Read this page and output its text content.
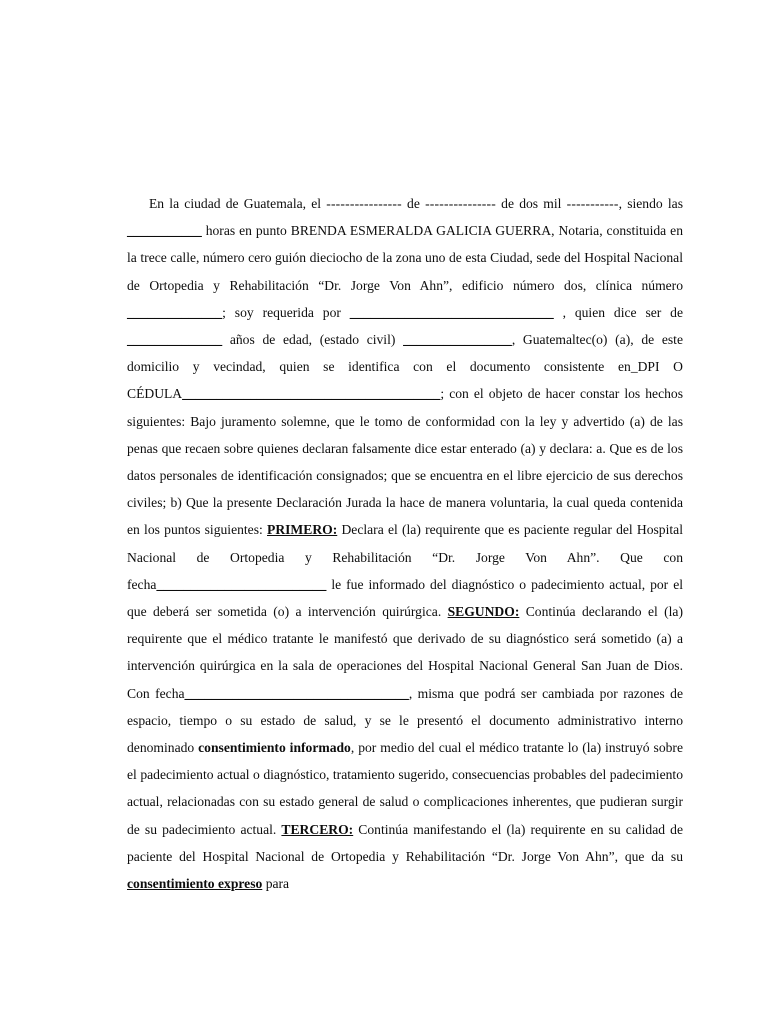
En la ciudad de Guatemala, el ---------------- de --------------- de dos mil -----------, siendo las ___________ horas en punto BRENDA ESMERALDA GALICIA GUERRA, Notaria, constituida en la trece calle, número cero guión dieciocho de la zona uno de esta Ciudad, sede del Hospital Nacional de Ortopedia y Rehabilitación “Dr. Jorge Von Ahn”, edificio número dos, clínica número ______________; soy requerida por ______________________________ , quien dice ser de ______________ años de edad, (estado civil) ________________, Guatemaltec(o) (a), de este domicilio y vecindad, quien se identifica con el documento consistente en_DPI O CÉDULA______________________________________; con el objeto de hacer constar los hechos siguientes: Bajo juramento solemne, que le tomo de conformidad con la ley y advertido (a) de las penas que recaen sobre quienes declaran falsamente dice estar enterado (a) y declara: a. Que es de los datos personales de identificación consignados; que se encuentra en el libre ejercicio de sus derechos civiles; b) Que la presente Declaración Jurada la hace de manera voluntaria, la cual queda contenida en los puntos siguientes: PRIMERO: Declara el (la) requirente que es paciente regular del Hospital Nacional de Ortopedia y Rehabilitación “Dr. Jorge Von Ahn”. Que con fecha_________________________ le fue informado del diagnóstico o padecimiento actual, por el que deberá ser sometida (o) a intervención quirúrgica. SEGUNDO: Continúa declarando el (la) requirente que el médico tratante le manifestó que derivado de su diagnóstico será sometido (a) a intervención quirúrgica en la sala de operaciones del Hospital Nacional General San Juan de Dios. Con fecha_________________________________, misma que podrá ser cambiada por razones de espacio, tiempo o su estado de salud, y se le presentó el documento administrativo interno denominado consentimiento informado, por medio del cual el médico tratante lo (la) instruyó sobre el padecimiento actual o diagnóstico, tratamiento sugerido, consecuencias probables del padecimiento actual, relacionadas con su estado general de salud o complicaciones inherentes, que pudieran surgir de su padecimiento actual. TERCERO: Continúa manifestando el (la) requirente en su calidad de paciente del Hospital Nacional de Ortopedia y Rehabilitación “Dr. Jorge Von Ahn”, que da su consentimiento expreso para
